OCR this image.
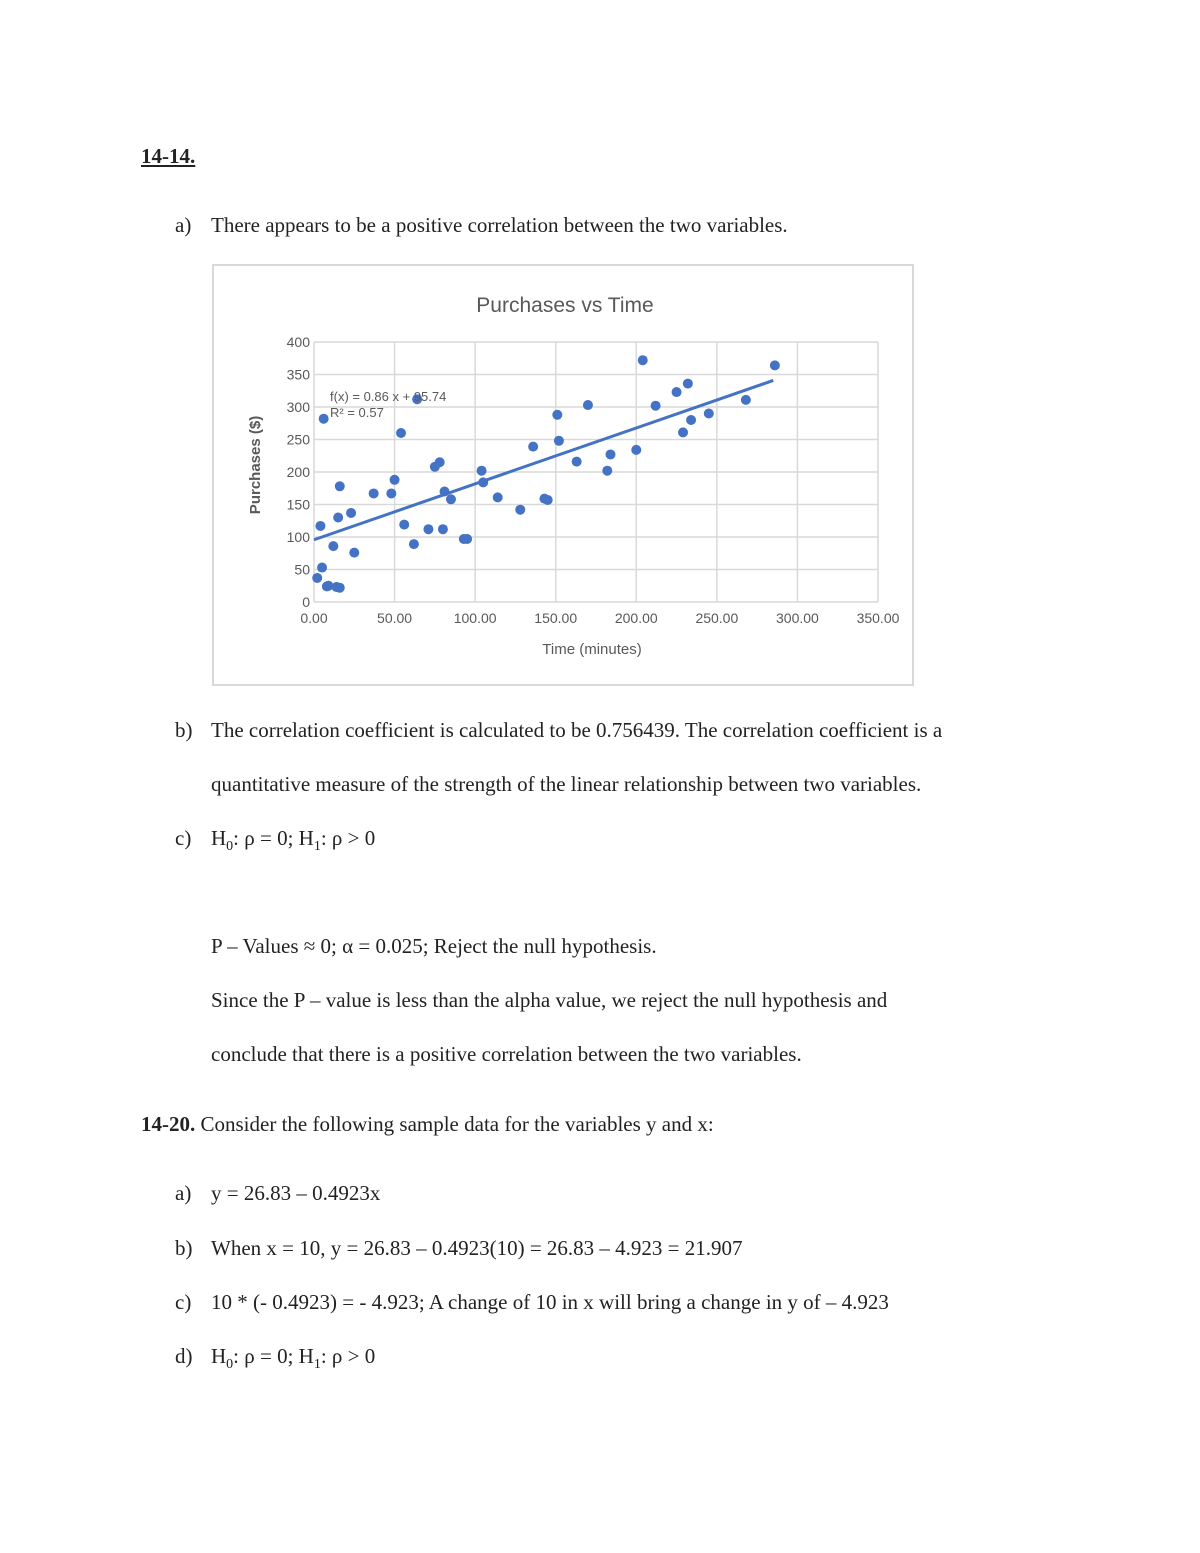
14-14.
a) There appears to be a positive correlation between the two variables.
Purchases vs Time
0.00	50.00	100.00	150.00	200.00	250.00	300.00	350.00
0
50
100
150
200
250
300
350
400
f(x) = 0.86 x + 95.74
R² = 0.57
Time (minutes)
Purchases ($)
b) The correlation coefficient is calculated to be 0.756439. The correlation coefficient is a
quantitative measure of the strength of the linear relationship between two variables.
c) $H_0$: ρ = 0; $H_1$: ρ > 0
P – Values ≈ 0; α = 0.025; Reject the null hypothesis.
Since the P – value is less than the alpha value, we reject the null hypothesis and
conclude that there is a positive correlation between the two variables.
14-20. Consider the following sample data for the variables y and x:
a) y = 26.83 – 0.4923x
b) When x = 10, y = 26.83 – 0.4923(10) = 26.83 – 4.923 = 21.907
c) 10 * (- 0.4923) = - 4.923; A change of 10 in x will bring a change in y of – 4.923
d) $H_0$: ρ = 0; $H_1$: ρ > 0
